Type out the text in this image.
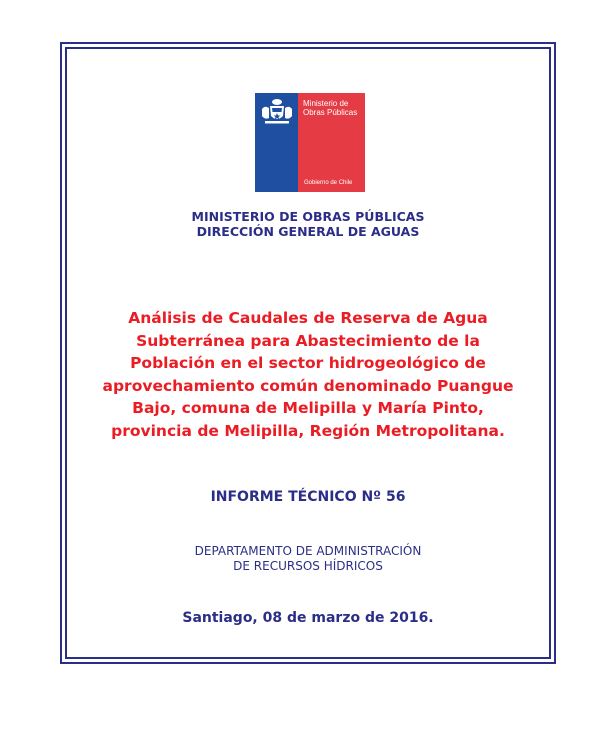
Ministerio de
Obras Públicas
Gobierno de Chile
MINISTERIO DE OBRAS PÚBLICAS
DIRECCIÓN GENERAL DE AGUAS
Análisis de Caudales de Reserva de Agua
Subterránea para Abastecimiento de la
Población en el sector hidrogeológico de
aprovechamiento común denominado Puangue
Bajo, comuna de Melipilla y María Pinto,
provincia de Melipilla, Región Metropolitana.
INFORME TÉCNICO Nº 56
DEPARTAMENTO DE ADMINISTRACIÓN
DE RECURSOS HÍDRICOS
Santiago, 08 de marzo de 2016.
